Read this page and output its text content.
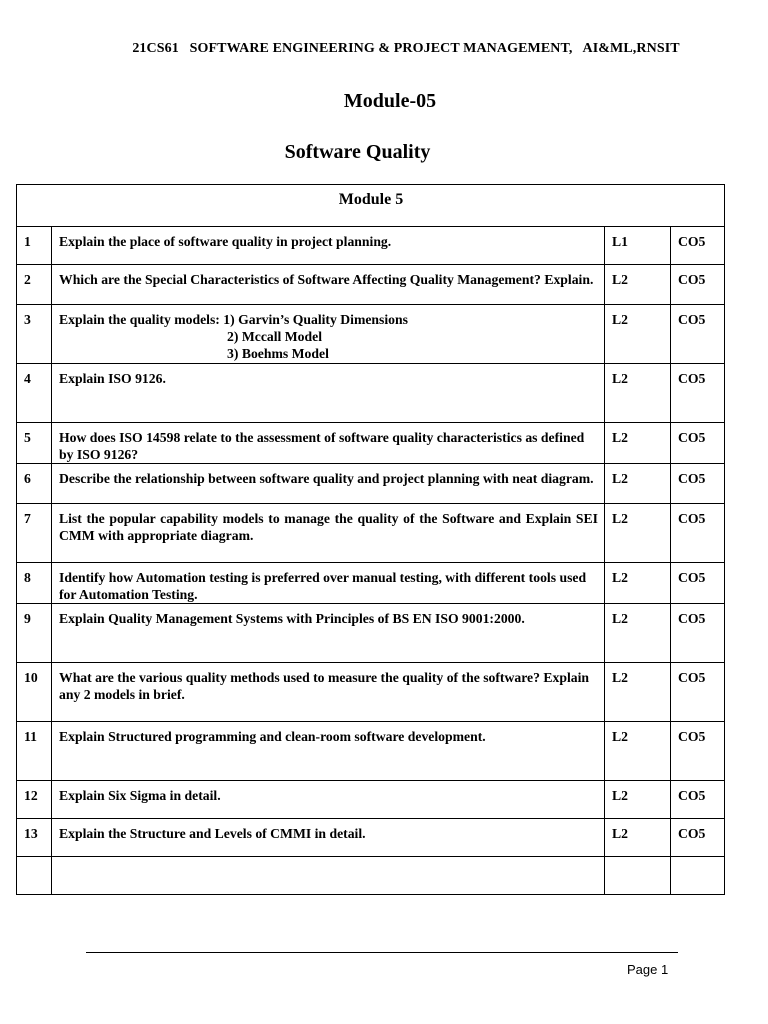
21CS61   SOFTWARE ENGINEERING & PROJECT MANAGEMENT,   AI&ML,RNSIT
Module-05
Software Quality
Module 5			
1	Explain the place of software quality in project planning.	L1	CO5
2	Which are the Special Characteristics of Software Affecting Quality Management? Explain.	L2	CO5
3	Explain the quality models: 1) Garvin’s Quality Dimensions
2) Mccall Model
3) Boehms Model	L2	CO5
4	Explain ISO 9126.	L2	CO5
5	How does ISO 14598 relate to the assessment of software quality characteristics as defined by ISO 9126?	L2	CO5
6	Describe the relationship between software quality and project planning with neat diagram.	L2	CO5
7	List the popular capability models to manage the quality of the Software and Explain SEI CMM with appropriate diagram.	L2	CO5
8	Identify how Automation testing is preferred over manual testing, with different tools used for Automation Testing.	L2	CO5
9	Explain Quality Management Systems with Principles of BS EN ISO 9001:2000.	L2	CO5
10	What are the various quality methods used to measure the quality of the software? Explain any 2 models in brief.	L2	CO5
11	Explain Structured programming and clean-room software development.	L2	CO5
12	Explain Six Sigma in detail.	L2	CO5
13	Explain the Structure and Levels of CMMI in detail.	L2	CO5

Page 1
